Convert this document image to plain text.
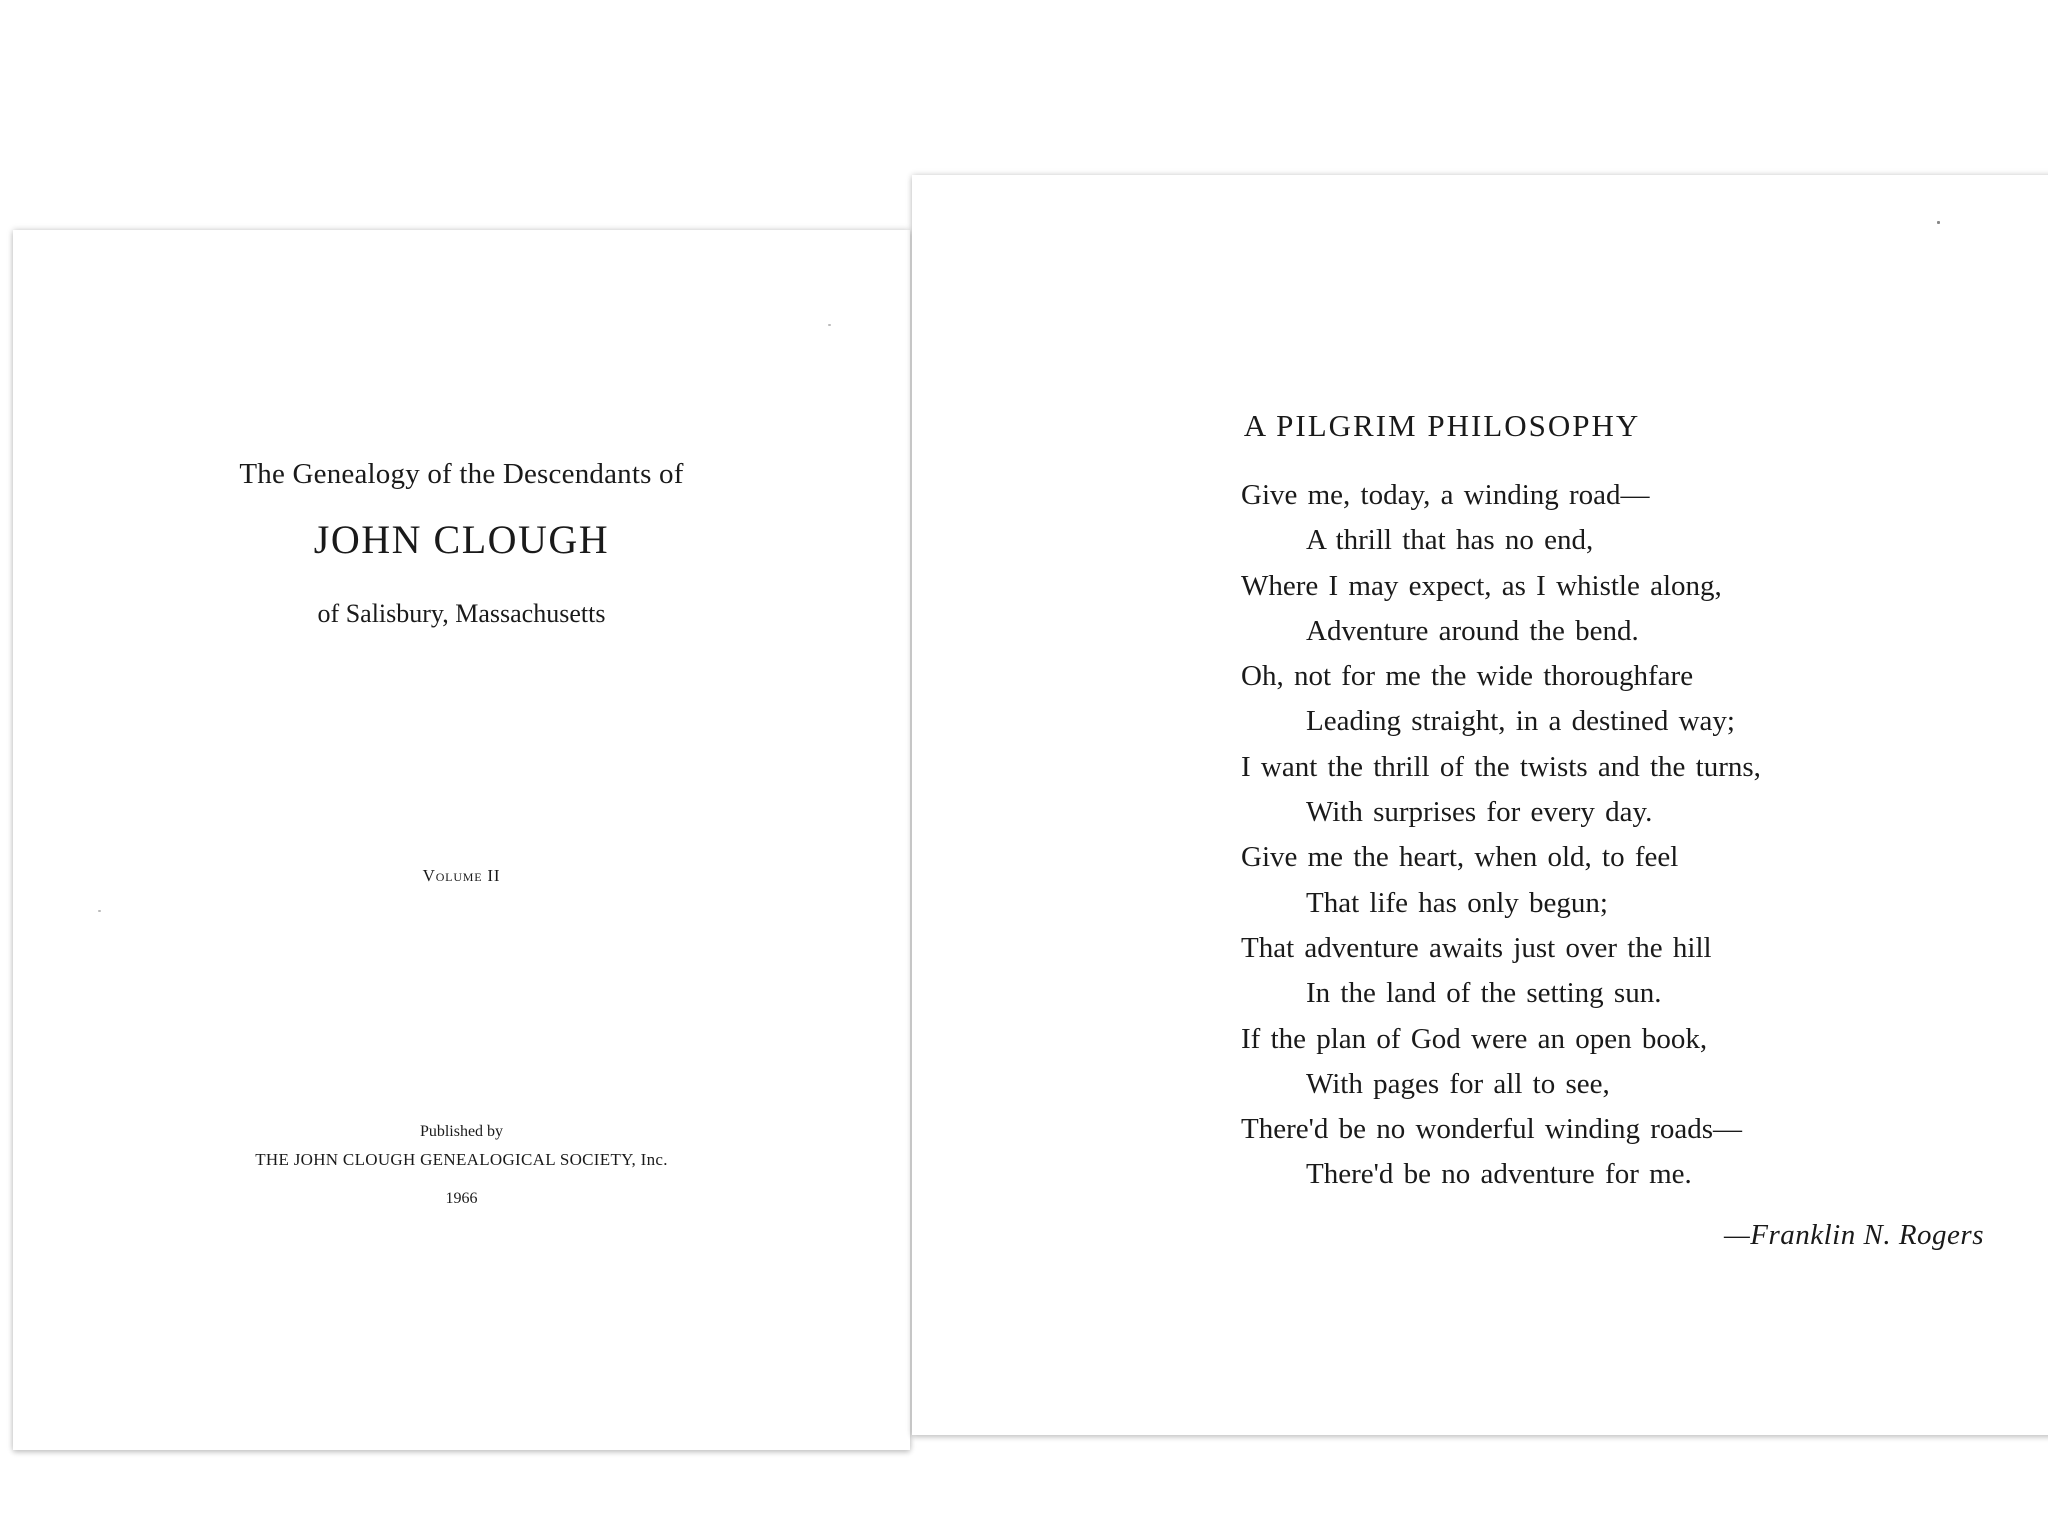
The Genealogy of the Descendants of
JOHN CLOUGH
of Salisbury, Massachusetts
Volume II
Published by
THE JOHN CLOUGH GENEALOGICAL SOCIETY, Inc.
1966
A PILGRIM PHILOSOPHY
Give me, today, a winding road—
A thrill that has no end,
Where I may expect, as I whistle along,
Adventure around the bend.
Oh, not for me the wide thoroughfare
Leading straight, in a destined way;
I want the thrill of the twists and the turns,
With surprises for every day.
Give me the heart, when old, to feel
That life has only begun;
That adventure awaits just over the hill
In the land of the setting sun.
If the plan of God were an open book,
With pages for all to see,
There'd be no wonderful winding roads—
There'd be no adventure for me.
—Franklin N. Rogers
